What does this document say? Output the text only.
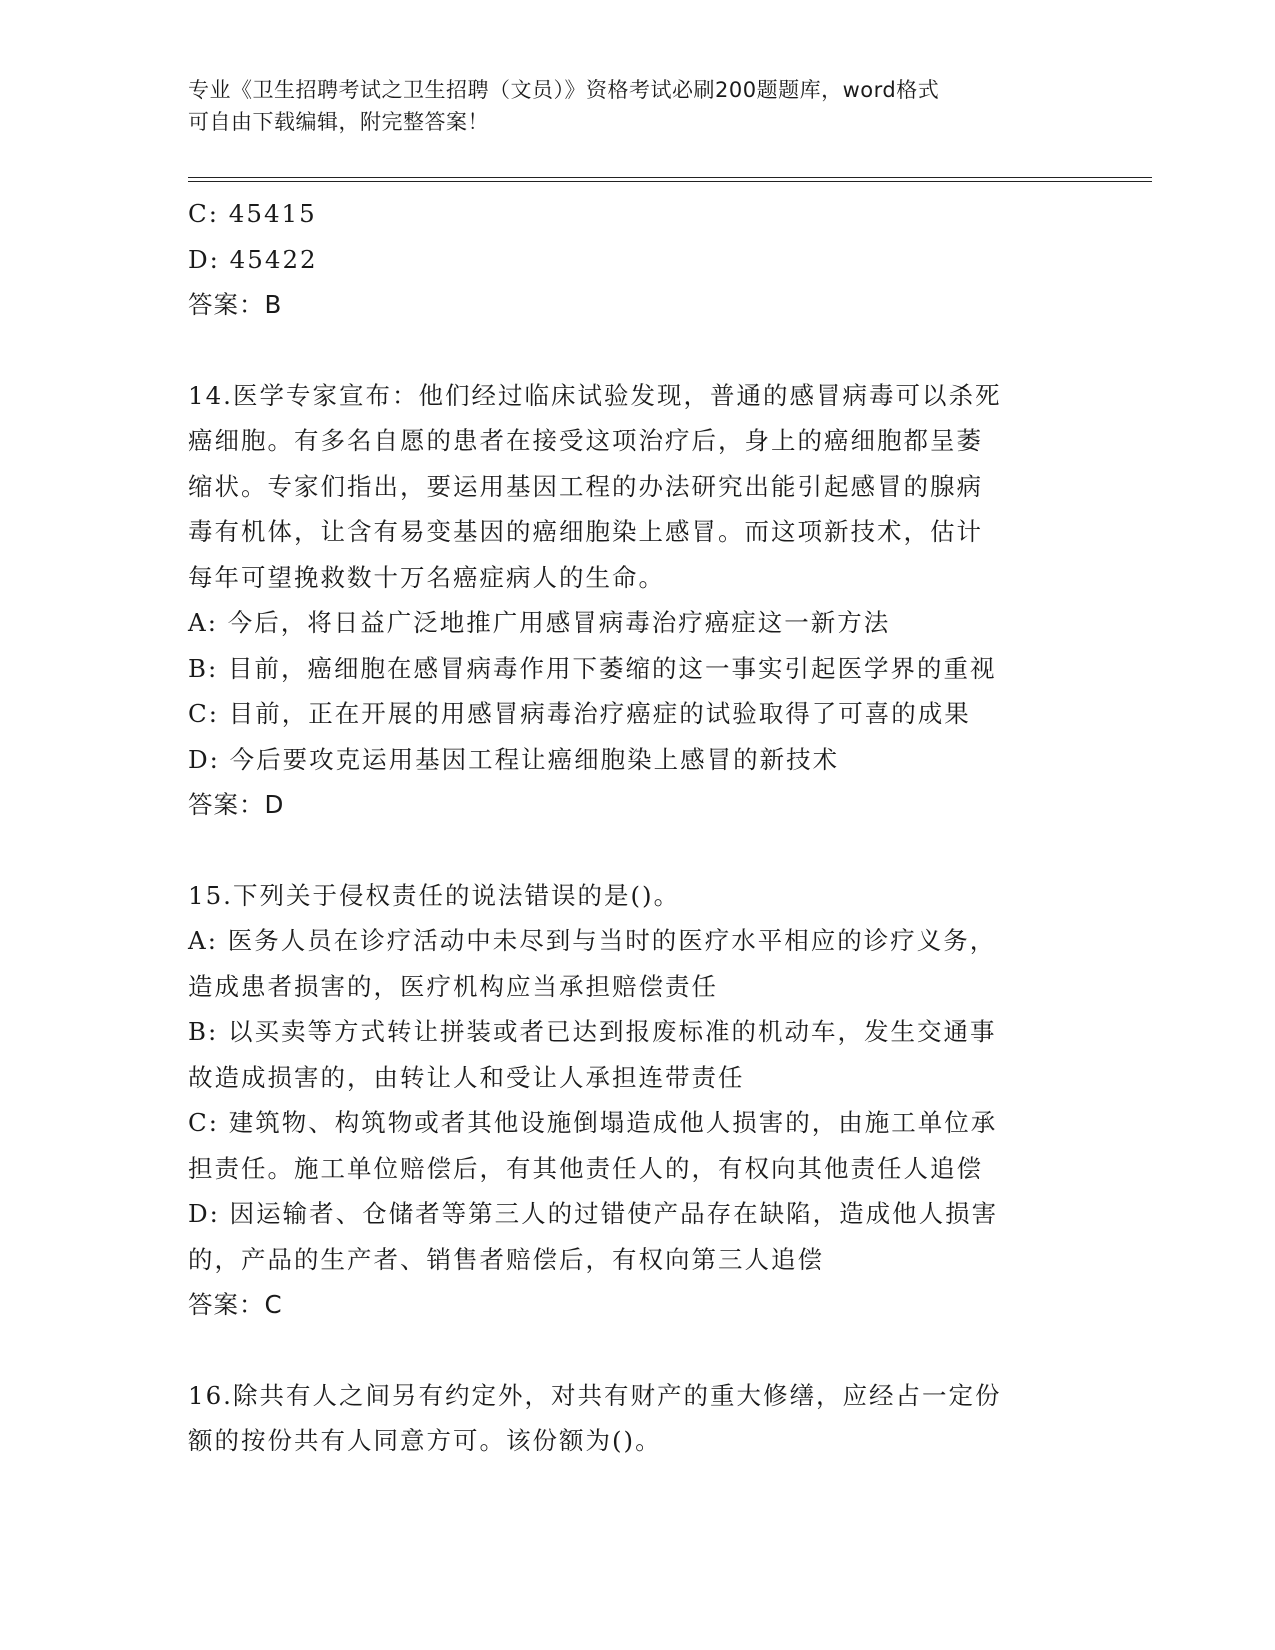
专业《卫生招聘考试之卫生招聘（文员）》资格考试必刷200题题库，word格式
可自由下载编辑，附完整答案！

C: 45415

D: 45422

答案：B

14.医学专家宣布：他们经过临床试验发现，普通的感冒病毒可以杀死

癌细胞。有多名自愿的患者在接受这项治疗后，身上的癌细胞都呈萎

缩状。专家们指出，要运用基因工程的办法研究出能引起感冒的腺病

毒有机体，让含有易变基因的癌细胞染上感冒。而这项新技术，估计

每年可望挽救数十万名癌症病人的生命。

A: 今后，将日益广泛地推广用感冒病毒治疗癌症这一新方法

B: 目前，癌细胞在感冒病毒作用下萎缩的这一事实引起医学界的重视

C: 目前，正在开展的用感冒病毒治疗癌症的试验取得了可喜的成果

D: 今后要攻克运用基因工程让癌细胞染上感冒的新技术

答案：D

15.下列关于侵权责任的说法错误的是()。

A: 医务人员在诊疗活动中未尽到与当时的医疗水平相应的诊疗义务，

造成患者损害的，医疗机构应当承担赔偿责任

B: 以买卖等方式转让拼装或者已达到报废标准的机动车，发生交通事

故造成损害的，由转让人和受让人承担连带责任

C: 建筑物、构筑物或者其他设施倒塌造成他人损害的，由施工单位承

担责任。施工单位赔偿后，有其他责任人的，有权向其他责任人追偿

D: 因运输者、仓储者等第三人的过错使产品存在缺陷，造成他人损害

的，产品的生产者、销售者赔偿后，有权向第三人追偿

答案：C

16.除共有人之间另有约定外，对共有财产的重大修缮，应经占一定份

额的按份共有人同意方可。该份额为()。
